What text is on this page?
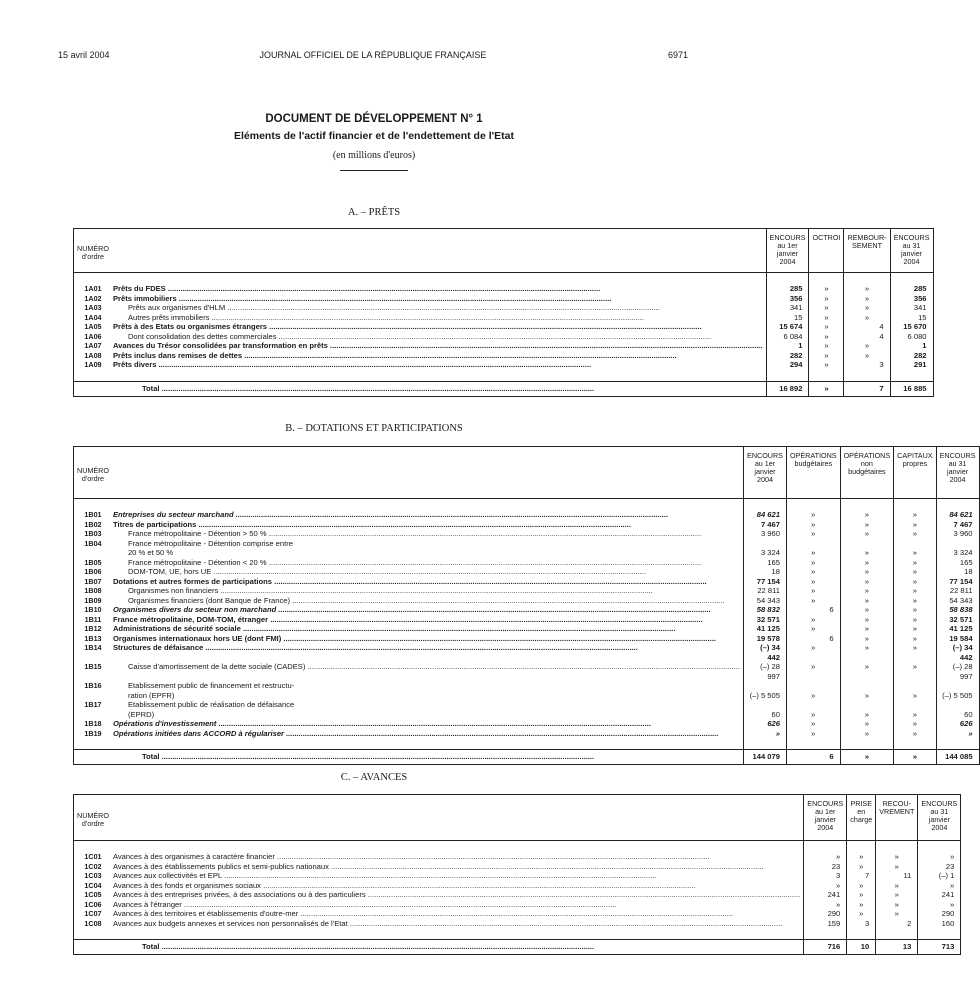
15 avril 2004	JOURNAL OFFICIEL DE LA RÉPUBLIQUE FRANÇAISE	6971
DOCUMENT DE DÉVELOPPEMENT N° 1
Eléments de l'actif financier et de l'endettement de l'Etat
(en millions d'euros)
A. – PRÊTS
NUMÉRO d'ordre		ENCOURS au 1er janvier 2004	OCTROI	REMBOUR-SEMENT	ENCOURS au 31 janvier 2004

1A01	Prêts du FDES .....	285	»	»	285
1A02	Prêts immobiliers .....	356	»	»	356
1A03	Prêts aux organismes d'HLM .....	341	»	»	341
1A04	Autres prêts immobiliers .....	15	»	»	15
1A05	Prêts à des Etats ou organismes étrangers .....	15 674	»	4	15 670
1A06	Dont consolidation des dettes commerciales .....	6 084	»	4	6 080
1A07	Avances du Trésor consolidées par transformation en prêts .....	1	»	»	1
1A08	Prêts inclus dans remises de dettes .....	282	»	»	282
1A09	Prêts divers .....	294	»	3	291

	Total .....	16 892	»	7	16 885
B. – DOTATIONS ET PARTICIPATIONS
NUMÉRO d'ordre		ENCOURS au 1er janvier 2004	OPÉRATIONS budgétaires	OPÉRATIONS non budgétaires	CAPITAUX propres	ENCOURS au 31 janvier 2004

1B01	Entreprises du secteur marchand .....	84 621	»	»	»	84 621
1B02	Titres de participations .....	7 467	»	»	»	7 467
1B03	France métropolitaine - Détention > 50 % .....	3 960	»	»	»	3 960
1B04	France métropolitaine - Détention comprise entre					

	20 % et 50 %	3 324	»	»	»	3 324
1B05	France métropolitaine - Détention < 20 % .....	165	»	»	»	165
1B06	DOM-TOM, UE, hors UE .....	18	»	»	»	18
1B07	Dotations et autres formes de participations .....	77 154	»	»	»	77 154
1B08	Organismes non financiers .....	22 811	»	»	»	22 811
1B09	Organismes financiers (dont Banque de France) .....	54 343	»	»	»	54 343
1B10	Organismes divers du secteur non marchand .....	58 832	6	»	»	58 838
1B11	France métropolitaine, DOM-TOM, étranger .....	32 571	»	»	»	32 571
1B12	Administrations de sécurité sociale .....	41 125	»	»	»	41 125
1B13	Organismes internationaux hors UE (dont FMI) .....	19 578	6	»	»	19 584
1B14	Structures de défaisance .....	(–) 34 442	»	»	»	(–) 34 442
1B15	Caisse d'amortissement de la dette sociale (CADES) .....	(–) 28 997	»	»	»	(–) 28 997
1B16	Etablissement public de financement et restructu-					

	ration (EPFR)	(–) 5 505	»	»	»	(–) 5 505
1B17	Etablissement public de réalisation de défaisance					

	(EPRD)	60	»	»	»	60
1B18	Opérations d'investissement .....	626	»	»	»	626
1B19	Opérations initiées dans ACCORD à régulariser .....	»	»	»	»	»

	Total .....	144 079	6	»	»	144 085
C. – AVANCES
NUMÉRO d'ordre		ENCOURS au 1er janvier 2004	PRISE en charge	RECOU-VREMENT	ENCOURS au 31 janvier 2004

1C01	Avances à des organismes à caractère financier .....	»	»	»	»
1C02	Avances à des établissements publics et semi-publics nationaux .....	23	»	»	23
1C03	Avances aux collectivités et EPL .....	3	7	11	(–) 1
1C04	Avances à des fonds et organismes sociaux .....	»	»	»	»
1C05	Avances à des entreprises privées, à des associations ou à des particuliers .....	241	»	»	241
1C06	Avances à l'étranger .....	»	»	»	»
1C07	Avances à des territoires et établissements d'outre-mer .....	290	»	»	290
1C08	Avances aux budgets annexes et services non personnalisés de l'Etat .....	159	3	2	160

	Total .....	716	10	13	713
